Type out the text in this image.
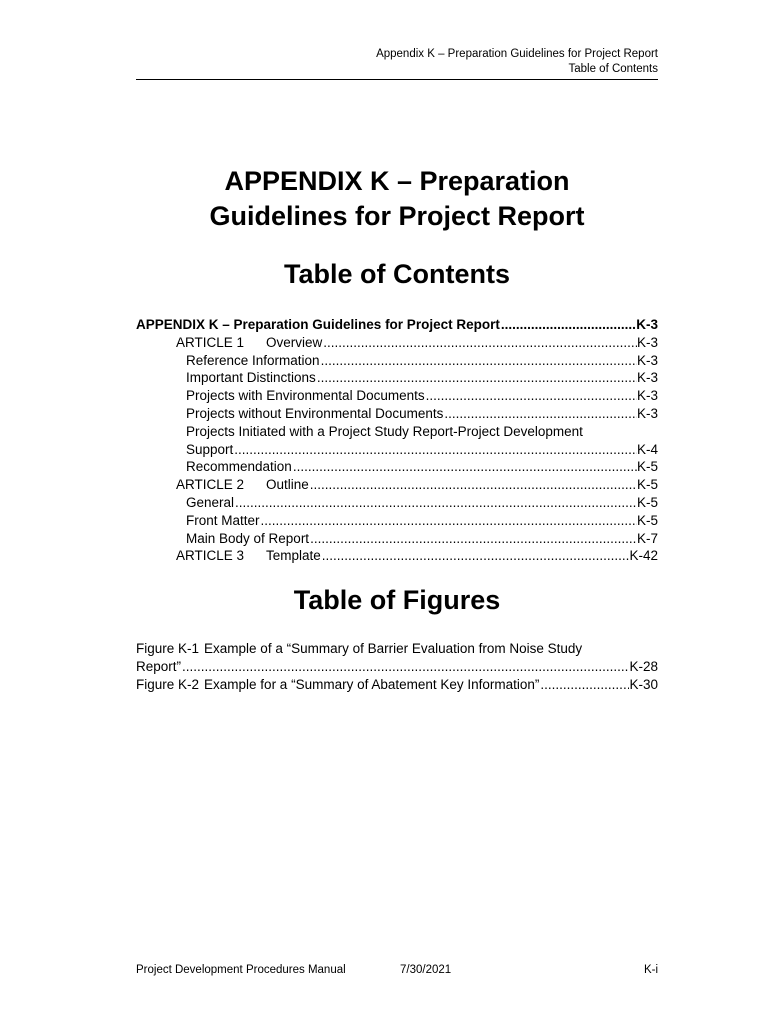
Appendix K – Preparation Guidelines for Project Report
Table of Contents
APPENDIX K – Preparation
Guidelines for Project Report
Table of Contents
APPENDIX K – Preparation Guidelines for Project Report .....	K-3
ARTICLE 1 Overview .....	K-3
Reference Information .....	K-3
Important Distinctions .....	K-3
Projects with Environmental Documents .....	K-3
Projects without Environmental Documents .....	K-3
Projects Initiated with a Project Study Report-Project Development
Support .....	K-4
Recommendation .....	K-5
ARTICLE 2 Outline .....	K-5
General .....	K-5
Front Matter .....	K-5
Main Body of Report .....	K-7
ARTICLE 3 Template .....	K-42
Table of Figures
Figure K-1 Example of a “Summary of Barrier Evaluation from Noise Study
Report” .....	K-28
Figure K-2 Example for a “Summary of Abatement Key Information” .....	K-30
Project Development Procedures Manual	7/30/2021	K-i
